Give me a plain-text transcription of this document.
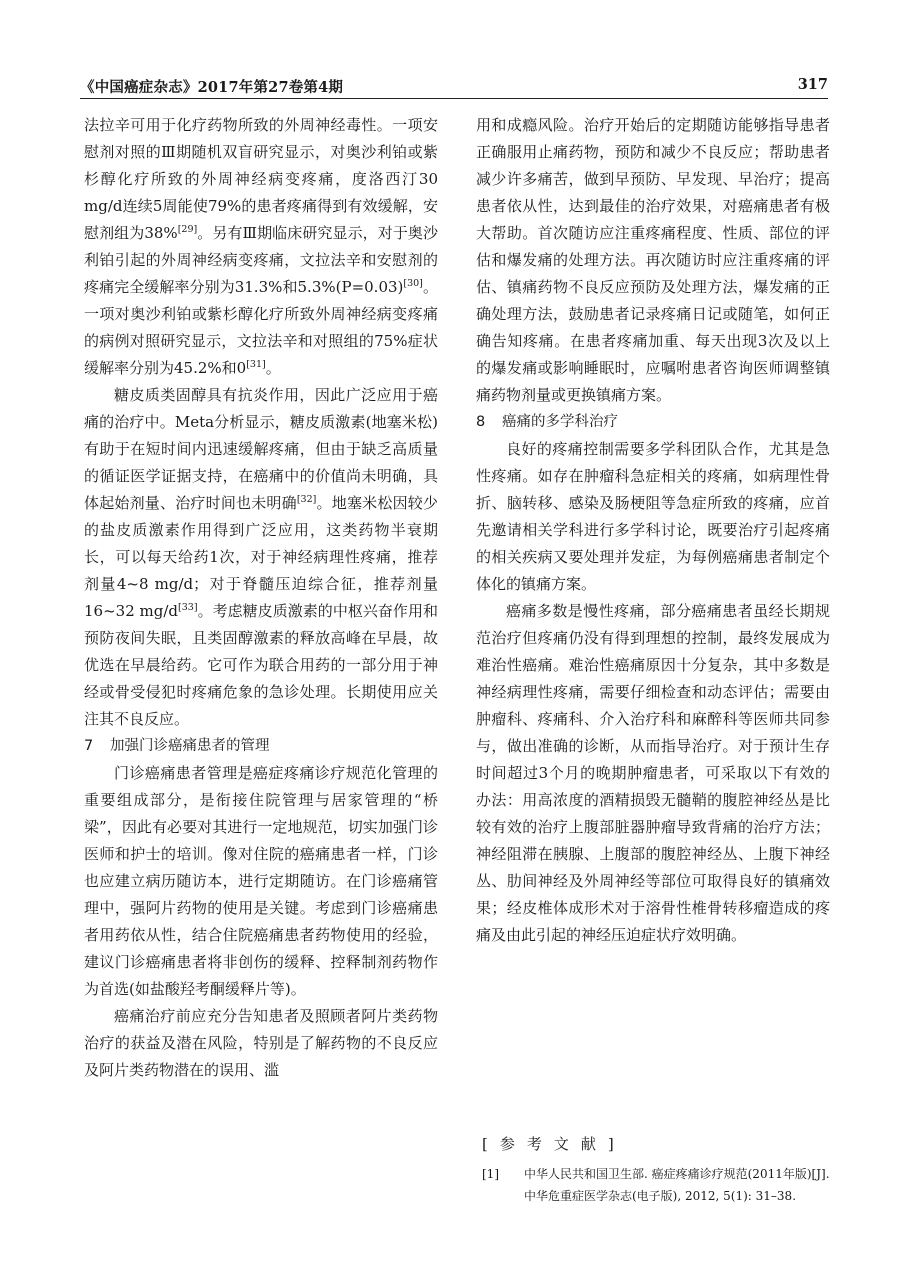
《中国癌症杂志》2017年第27卷第4期	317

法拉辛可用于化疗药物所致的外周神经毒性。一项安慰剂对照的Ⅲ期随机双盲研究显示，对奥沙利铂或紫杉醇化疗所致的外周神经病变疼痛，度洛西汀30 mg/d连续5周能使79%的患者疼痛得到有效缓解，安慰剂组为38%[29]。另有Ⅲ期临床研究显示，对于奥沙利铂引起的外周神经病变疼痛，文拉法辛和安慰剂的疼痛完全缓解率分别为31.3%和5.3%(P=0.03)[30]。一项对奥沙利铂或紫杉醇化疗所致外周神经病变疼痛的病例对照研究显示，文拉法辛和对照组的75%症状缓解率分别为45.2%和0[31]。

糖皮质类固醇具有抗炎作用，因此广泛应用于癌痛的治疗中。Meta分析显示，糖皮质激素(地塞米松)有助于在短时间内迅速缓解疼痛，但由于缺乏高质量的循证医学证据支持，在癌痛中的价值尚未明确，具体起始剂量、治疗时间也未明确[32]。地塞米松因较少的盐皮质激素作用得到广泛应用，这类药物半衰期长，可以每天给药1次，对于神经病理性疼痛，推荐剂量4~8 mg/d；对于脊髓压迫综合征，推荐剂量16~32 mg/d[33]。考虑糖皮质激素的中枢兴奋作用和预防夜间失眠，且类固醇激素的释放高峰在早晨，故优选在早晨给药。它可作为联合用药的一部分用于神经或骨受侵犯时疼痛危象的急诊处理。长期使用应关注其不良反应。

7 加强门诊癌痛患者的管理

门诊癌痛患者管理是癌症疼痛诊疗规范化管理的重要组成部分，是衔接住院管理与居家管理的“桥梁”，因此有必要对其进行一定地规范，切实加强门诊医师和护士的培训。像对住院的癌痛患者一样，门诊也应建立病历随访本，进行定期随访。在门诊癌痛管理中，强阿片药物的使用是关键。考虑到门诊癌痛患者用药依从性，结合住院癌痛患者药物使用的经验，建议门诊癌痛患者将非创伤的缓释、控释制剂药物作为首选(如盐酸羟考酮缓释片等)。

癌痛治疗前应充分告知患者及照顾者阿片类药物治疗的获益及潜在风险，特别是了解药物的不良反应及阿片类药物潜在的误用、滥

用和成瘾风险。治疗开始后的定期随访能够指导患者正确服用止痛药物，预防和减少不良反应；帮助患者减少许多痛苦，做到早预防、早发现、早治疗；提高患者依从性，达到最佳的治疗效果，对癌痛患者有极大帮助。首次随访应注重疼痛程度、性质、部位的评估和爆发痛的处理方法。再次随访时应注重疼痛的评估、镇痛药物不良反应预防及处理方法，爆发痛的正确处理方法，鼓励患者记录疼痛日记或随笔，如何正确告知疼痛。在患者疼痛加重、每天出现3次及以上的爆发痛或影响睡眠时，应嘱咐患者咨询医师调整镇痛药物剂量或更换镇痛方案。

8 癌痛的多学科治疗

良好的疼痛控制需要多学科团队合作，尤其是急性疼痛。如存在肿瘤科急症相关的疼痛，如病理性骨折、脑转移、感染及肠梗阻等急症所致的疼痛，应首先邀请相关学科进行多学科讨论，既要治疗引起疼痛的相关疾病又要处理并发症，为每例癌痛患者制定个体化的镇痛方案。

癌痛多数是慢性疼痛，部分癌痛患者虽经长期规范治疗但疼痛仍没有得到理想的控制，最终发展成为难治性癌痛。难治性癌痛原因十分复杂，其中多数是神经病理性疼痛，需要仔细检查和动态评估；需要由肿瘤科、疼痛科、介入治疗科和麻醉科等医师共同参与，做出准确的诊断，从而指导治疗。对于预计生存时间超过3个月的晚期肿瘤患者，可采取以下有效的办法：用高浓度的酒精损毁无髓鞘的腹腔神经丛是比较有效的治疗上腹部脏器肿瘤导致背痛的治疗方法；神经阻滞在胰腺、上腹部的腹腔神经丛、上腹下神经丛、肋间神经及外周神经等部位可取得良好的镇痛效果；经皮椎体成形术对于溶骨性椎骨转移瘤造成的疼痛及由此引起的神经压迫症状疗效明确。

[参考文献]
[1] 中华人民共和国卫生部. 癌症疼痛诊疗规范(2011年版)[J]. 中华危重症医学杂志(电子版), 2012, 5(1): 31–38.
